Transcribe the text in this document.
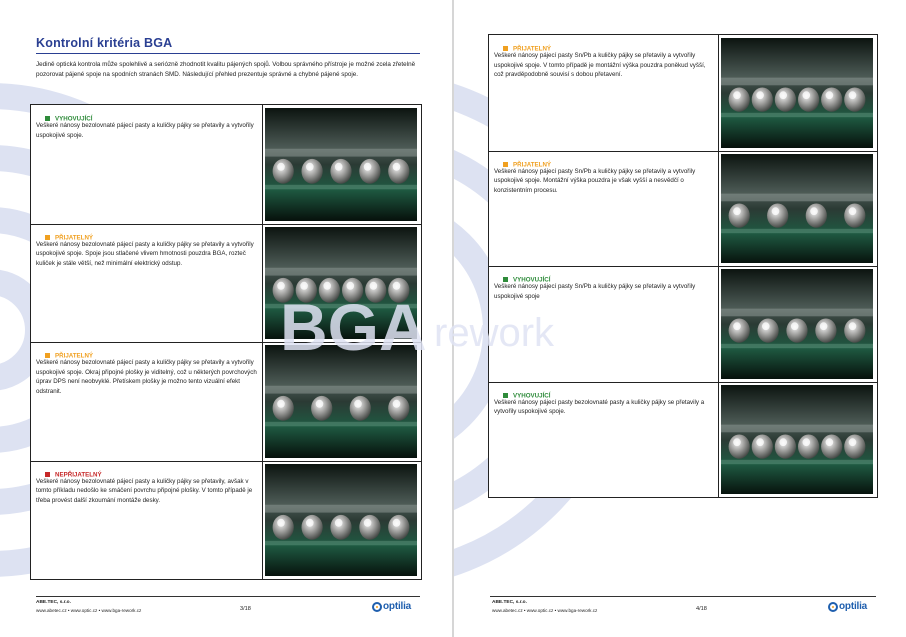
Kontrolní kritéria BGA

Jedině optická kontrola může spolehlivě a seriózně zhodnotit kvalitu pájených spojů. Volbou správného přístroje je možné zcela zřetelně pozorovat pájené spoje na spodních stranách SMD. Následující přehled prezentuje správné a chybné pájené spoje.

VYHOVUJÍCÍ

Veškeré nánosy bezolovnaté pájecí pasty a kuličky pájky se přetavily a vytvořily uspokojivé spoje.

PŘIJATELNÝ

Veškeré nánosy bezolovnaté pájecí pasty a kuličky pájky se přetavily a vytvořily uspokojivé spoje. Spoje jsou stlačené vlivem hmotnosti pouzdra BGA, rozteč kuliček je stále větší, než minimální elektrický odstup.

PŘIJATELNÝ

Veškeré nánosy bezolovnaté pájecí pasty a kuličky pájky se přetavily a vytvořily uspokojivé spoje. Okraj připojné plošky je viditelný, což u některých povrchových úprav DPS není neobvyklé. Přetískem plošky je možno tento vizuální efekt odstranit.

NEPŘIJATELNÝ

Veškeré nánosy bezolovnaté pájecí pasty a kuličky pájky se přetavily, avšak v tomto příkladu nedošlo ke smáčení povrchu připojné plošky. V tomto případě je třeba provést další zkoumání montáže desky.

ABE.TEC, s.r.o.
www.abetec.cz • www.optic.cz • www.bga-rework.cz	3/18	optilia
PŘIJATELNÝ

Veškeré nánosy pájecí pasty Sn/Pb a kuličky pájky se přetavily a vytvořily uspokojivé spoje. V tomto případě je montážní výška pouzdra poněkud vyšší, což pravděpodobně souvisí s dobou přetavení.

PŘIJATELNÝ

Veškeré nánosy pájecí pasty Sn/Pb a kuličky pájky se přetavily a vytvořily uspokojivé spoje. Montážní výška pouzdra je však vyšší a nesvědčí o konzistentním procesu.

VYHOVUJÍCÍ

Veškeré nánosy pájecí pasty Sn/Pb a kuličky pájky se přetavily a vytvořily uspokojivé spoje

VYHOVUJÍCÍ

Veškeré nánosy pájecí pasty bezolovnaté pasty a kuličky pájky se přetavily a vytvořily uspokojivé spoje.

ABE.TEC, s.r.o.
www.abetec.cz • www.optic.cz • www.bga-rework.cz	4/18	optilia
BGA rework
